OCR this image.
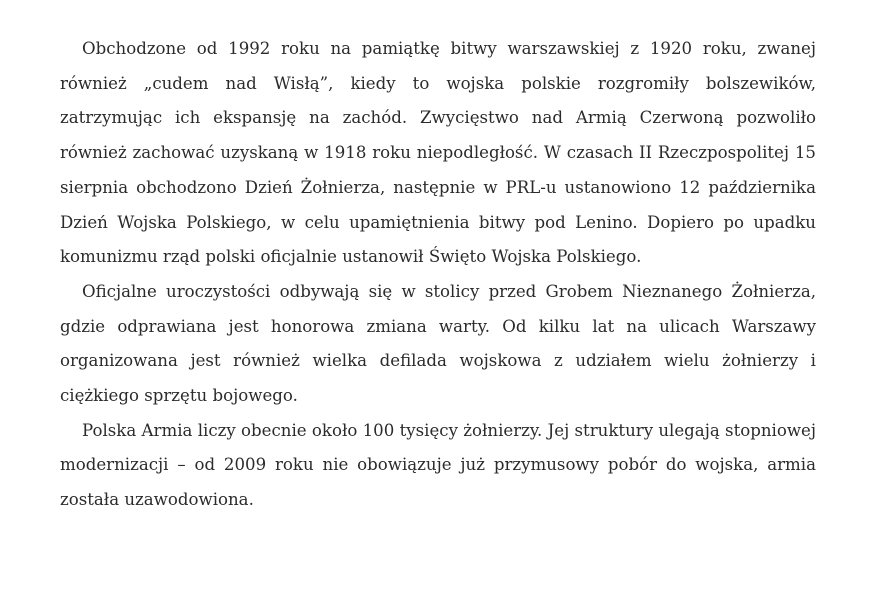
Obchodzone od 1992 roku na pamiątkę bitwy warszawskiej z 1920 roku, zwanej również „cudem nad Wisłą”, kiedy to wojska polskie rozgromiły bolszewików, zatrzymując ich ekspansję na zachód. Zwycięstwo nad Armią Czerwoną pozwoliło również zachować uzyskaną w 1918 roku niepodległość. W czasach II Rzeczpospolitej 15 sierpnia obchodzono Dzień Żołnierza, następnie w PRL-u ustanowiono 12 października Dzień Wojska Polskiego, w celu upamiętnienia bitwy pod Lenino. Dopiero po upadku komunizmu rząd polski oficjalnie ustanowił Święto Wojska Polskiego.

Oficjalne uroczystości odbywają się w stolicy przed Grobem Nieznanego Żołnierza, gdzie odprawiana jest honorowa zmiana warty. Od kilku lat na ulicach Warszawy organizowana jest również wielka defilada wojskowa z udziałem wielu żołnierzy i ciężkiego sprzętu bojowego.

Polska Armia liczy obecnie około 100 tysięcy żołnierzy. Jej struktury ulegają stopniowej modernizacji – od 2009 roku nie obowiązuje już przymusowy pobór do wojska, armia została uzawodowiona.
